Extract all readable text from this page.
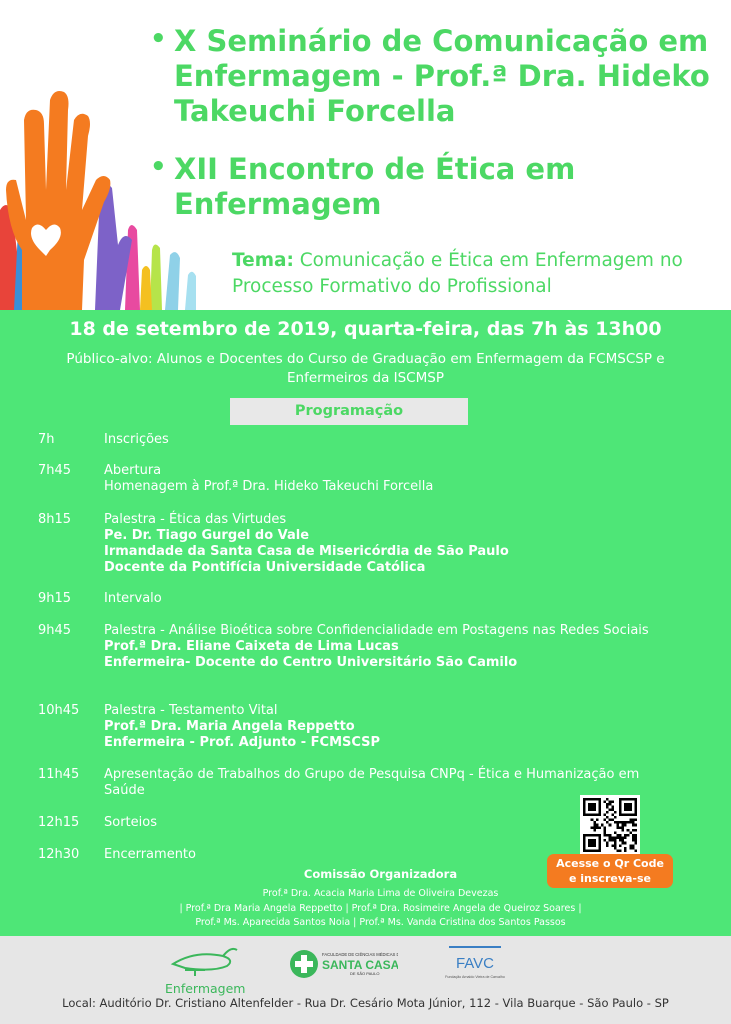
• X Seminário de Comunicação em Enfermagem - Prof.ª Dra. Hideko Takeuchi Forcella
• XII Encontro de Ética em Enfermagem
Tema: Comunicação e Ética em Enfermagem no Processo Formativo do Profissional
18 de setembro de 2019, quarta-feira, das 7h às 13h00
Público-alvo: Alunos e Docentes do Curso de Graduação em Enfermagem da FCMSCSP e Enfermeiros da ISCMSP
Programação
7h	Inscrições
7h45	Abertura
Homenagem à Prof.ª Dra. Hideko Takeuchi Forcella
8h15	Palestra - Ética das Virtudes
Pe. Dr. Tiago Gurgel do Vale
Irmandade da Santa Casa de Misericórdia de São Paulo
Docente da Pontifícia Universidade Católica
9h15	Intervalo
9h45	Palestra - Análise Bioética sobre Confidencialidade em Postagens nas Redes Sociais
Prof.ª Dra. Eliane Caixeta de Lima Lucas
Enfermeira- Docente do Centro Universitário São Camilo
10h45	Palestra - Testamento Vital
Prof.ª Dra. Maria Angela Reppetto
Enfermeira - Prof. Adjunto - FCMSCSP
11h45	Apresentação de Trabalhos do Grupo de Pesquisa CNPq - Ética e Humanização em Saúde
12h15	Sorteios
12h30	Encerramento
Acesse o Qr Code
e inscreva-se
Comissão Organizadora
Prof.ª Dra. Acacia Maria Lima de Oliveira Devezas
| Prof.ª Dra Maria Angela Reppetto | Prof.ª Dra. Rosimeire Angela de Queiroz Soares |
Prof.ª Ms. Aparecida Santos Noia | Prof.ª Ms. Vanda Cristina dos Santos Passos
Enfermagem
FACULDADE DE CIÊNCIAS MÉDICAS DA
SANTA CASA
DE SÃO PAULO
FAVC
Fundação Arnaldo Vieira de Carvalho
Local: Auditório Dr. Cristiano Altenfelder - Rua Dr. Cesário Mota Júnior, 112 - Vila Buarque - São Paulo - SP
